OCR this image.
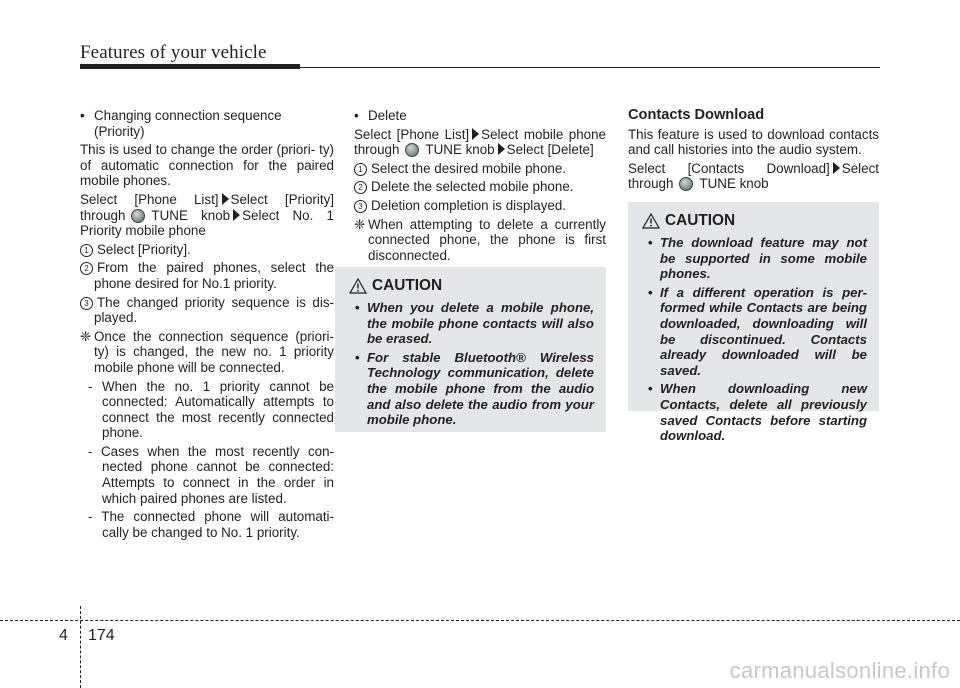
Features of your vehicle

• Changing connection sequence
(Priority)

This is used to change the order (priori- ty) of automatic connection for the paired mobile phones.

Select [Phone List] Select [Priority] through TUNE knob Select No. 1 Priority mobile phone

1 Select [Priority].

2 From the paired phones, select the phone desired for No.1 priority.

3 The changed priority sequence is dis- played.

❈ Once the connection sequence (priori- ty) is changed, the new no. 1 priority mobile phone will be connected.

- When the no. 1 priority cannot be connected: Automatically attempts to connect the most recently connected phone.

- Cases when the most recently con- nected phone cannot be connected: Attempts to connect in the order in which paired phones are listed.

- The connected phone will automati- cally be changed to No. 1 priority.

• Delete

Select [Phone List] Select mobile phone through TUNE knob Select [Delete]

1 Select the desired mobile phone.

2 Delete the selected mobile phone.

3 Deletion completion is displayed.

❈ When attempting to delete a currently connected phone, the phone is first disconnected.

CAUTION
• When you delete a mobile phone, the mobile phone contacts will also be erased.
• For stable Bluetooth® Wireless Technology communication, delete the mobile phone from the audio and also delete the audio from your mobile phone.

Contacts Download

This feature is used to download contacts and call histories into the audio system.

Select [Contacts Download] Select through TUNE knob

CAUTION
• The download feature may not be supported in some mobile phones.
• If a different operation is per- formed while Contacts are being downloaded, downloading will be discontinued. Contacts already downloaded will be saved.
• When downloading new Contacts, delete all previously saved Contacts before starting download.
4 174
carmanualsonline.info
